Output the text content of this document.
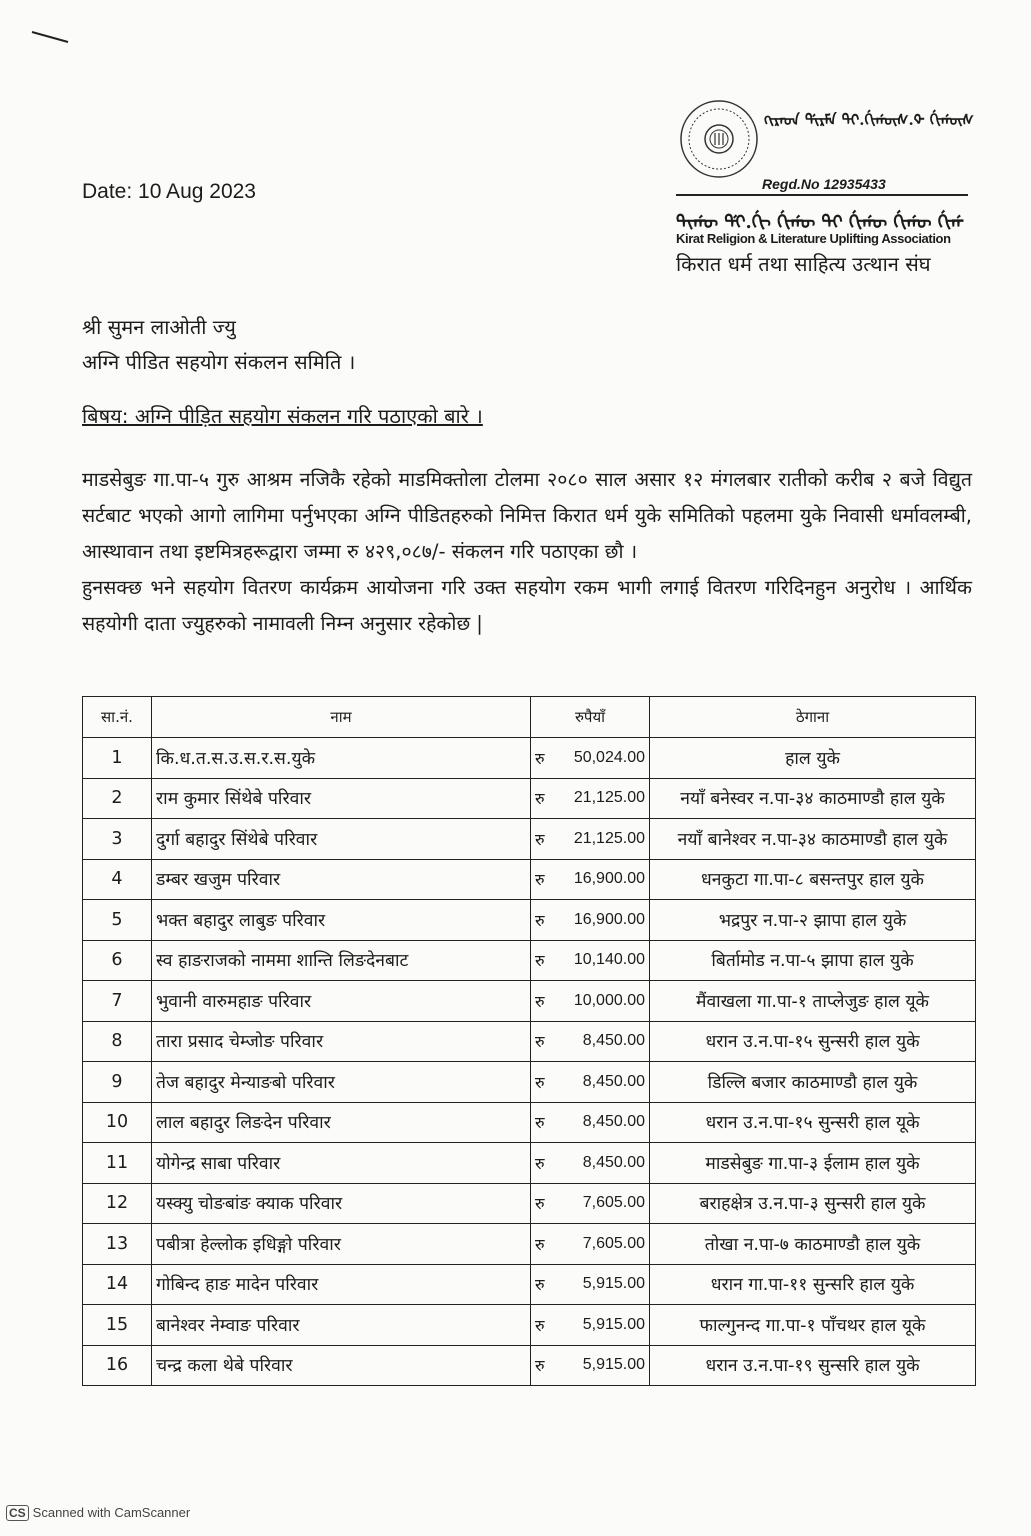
ᠭᡳᠷᠠᡨ ᡩᡳᠷᠮᠠ ᡨᡳ.ᡤᡳᡤᡡᠰ.ᡐ ᡤᡳᡤᡡᠰ
Regd.No 12935433
ᡨᡳᡤᡡ ᡩᡳ.ᡤᡳ ᡤᡳᡤᡡ ᡨᡳ ᡤᡳᡤᡡ ᡤᡳᡤᡡ ᡤᡳᡤ
Kirat Religion & Literature Uplifting Association
किरात धर्म तथा साहित्य उत्थान संघ
Date: 10 Aug 2023
श्री सुमन लाओती ज्यु
अग्नि पीडित सहयोग संकलन समिति ।
बिषय: अग्नि पीड़ित सहयोग संकलन गरि पठाएको बारे ।

माडसेबुङ गा.पा-५ गुरु आश्रम नजिकै रहेको माडमिक्तोला टोलमा २०८० साल असार १२ मंगलबार रातीको करीब २ बजे विद्युत सर्टबाट भएको आगो लागिमा पर्नुभएका अग्नि पीडितहरुको निमित्त किरात धर्म युके समितिको पहलमा युके निवासी धर्मावलम्बी, आस्थावान तथा इष्टमित्रहरूद्वारा जम्मा रु ४२९,०८७/- संकलन गरि पठाएका छौ ।

हुनसक्छ भने सहयोग वितरण कार्यक्रम आयोजना गरि उक्त सहयोग रकम भागी लगाई वितरण गरिदिनहुन अनुरोध । आर्थिक सहयोगी दाता ज्युहरुको नामावली निम्न अनुसार रहेकोछ |

सा.नं.	नाम	रुपैयाँ	ठेगाना
1	कि.ध.त.स.उ.स.र.स.युके	रु 50,024.00	हाल युके
2	राम कुमार सिंथेबे परिवार	रु 21,125.00	नयाँ बनेस्वर न.पा-३४ काठमाण्डौ हाल युके
3	दुर्गा बहादुर सिंथेबे परिवार	रु 21,125.00	नयाँ बानेश्वर न.पा-३४ काठमाण्डौ हाल युके
4	डम्बर खजुम परिवार	रु 16,900.00	धनकुटा गा.पा-८ बसन्तपुर हाल युके
5	भक्त बहादुर लाबुङ परिवार	रु 16,900.00	भद्रपुर न.पा-२ झापा हाल युके
6	स्व हाङराजको नाममा शान्ति लिङदेनबाट	रु 10,140.00	बिर्तामोड न.पा-५ झापा हाल युके
7	भुवानी वारुमहाङ परिवार	रु 10,000.00	मैंवाखला गा.पा-१ ताप्लेजुङ हाल यूके
8	तारा प्रसाद चेम्जोङ परिवार	रु 8,450.00	धरान उ.न.पा-१५ सुन्सरी हाल युके
9	तेज बहादुर मेन्याङबो परिवार	रु 8,450.00	डिल्लि बजार काठमाण्डौ हाल युके
10	लाल बहादुर लिङदेन परिवार	रु 8,450.00	धरान उ.न.पा-१५ सुन्सरी हाल यूके
11	योगेन्द्र साबा परिवार	रु 8,450.00	माडसेबुङ गा.पा-३ ईलाम हाल युके
12	यस्क्यु चोङबांङ क्याक परिवार	रु 7,605.00	बराहक्षेत्र उ.न.पा-३ सुन्सरी हाल युके
13	पबीत्रा हेल्लोक इधिङ्गो परिवार	रु 7,605.00	तोखा न.पा-७ काठमाण्डौ हाल युके
14	गोबिन्द हाङ मादेन परिवार	रु 5,915.00	धरान गा.पा-११ सुन्सरि हाल युके
15	बानेश्वर नेम्वाङ परिवार	रु 5,915.00	फाल्गुनन्द गा.पा-१ पाँचथर हाल यूके
16	चन्द्र कला थेबे परिवार	रु 5,915.00	धरान उ.न.पा-१९ सुन्सरि हाल युके
CS Scanned with CamScanner
